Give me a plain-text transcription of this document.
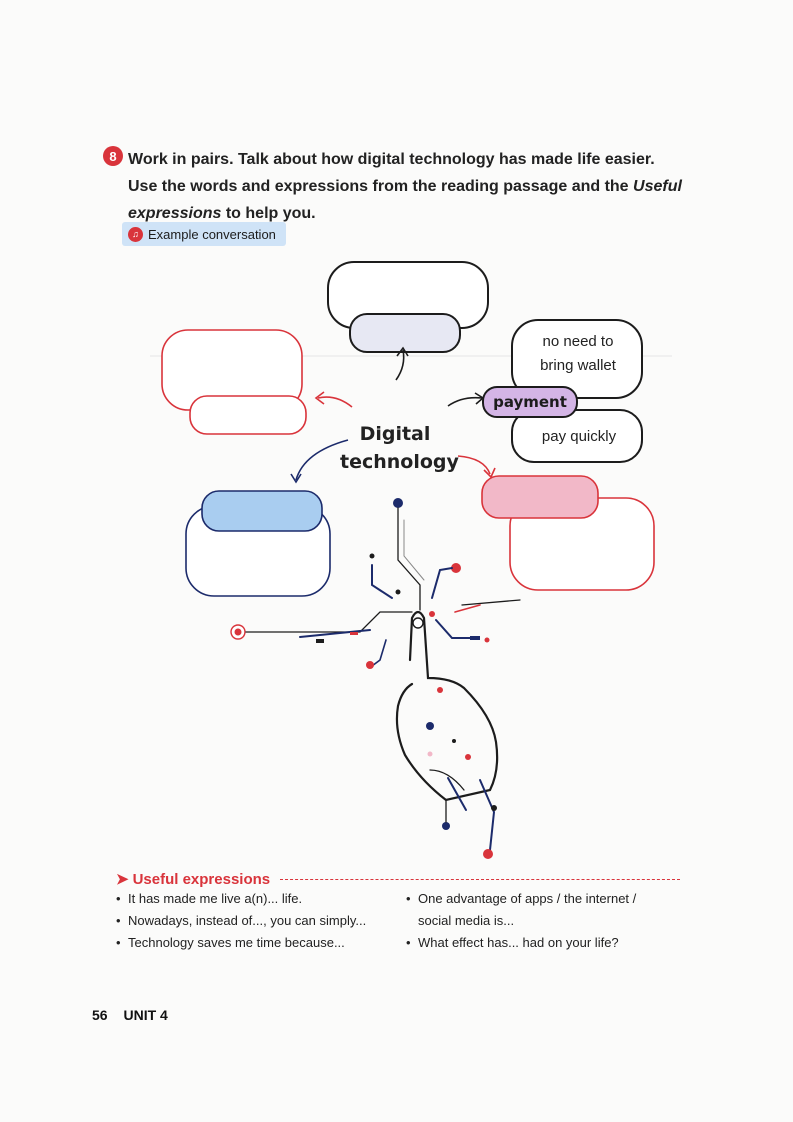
8 Work in pairs. Talk about how digital technology has made life easier.
Use the words and expressions from the reading passage and the Useful
expressions to help you.
♫ Example conversation
Digital
technology
no need to
bring wallet
payment
pay quickly
➤ Useful expressions
• It has made me live a(n)... life.
• Nowadays, instead of..., you can simply...
• Technology saves me time because...
• One advantage of apps / the internet /
social media is...
• What effect has... had on your life?
56 UNIT 4
